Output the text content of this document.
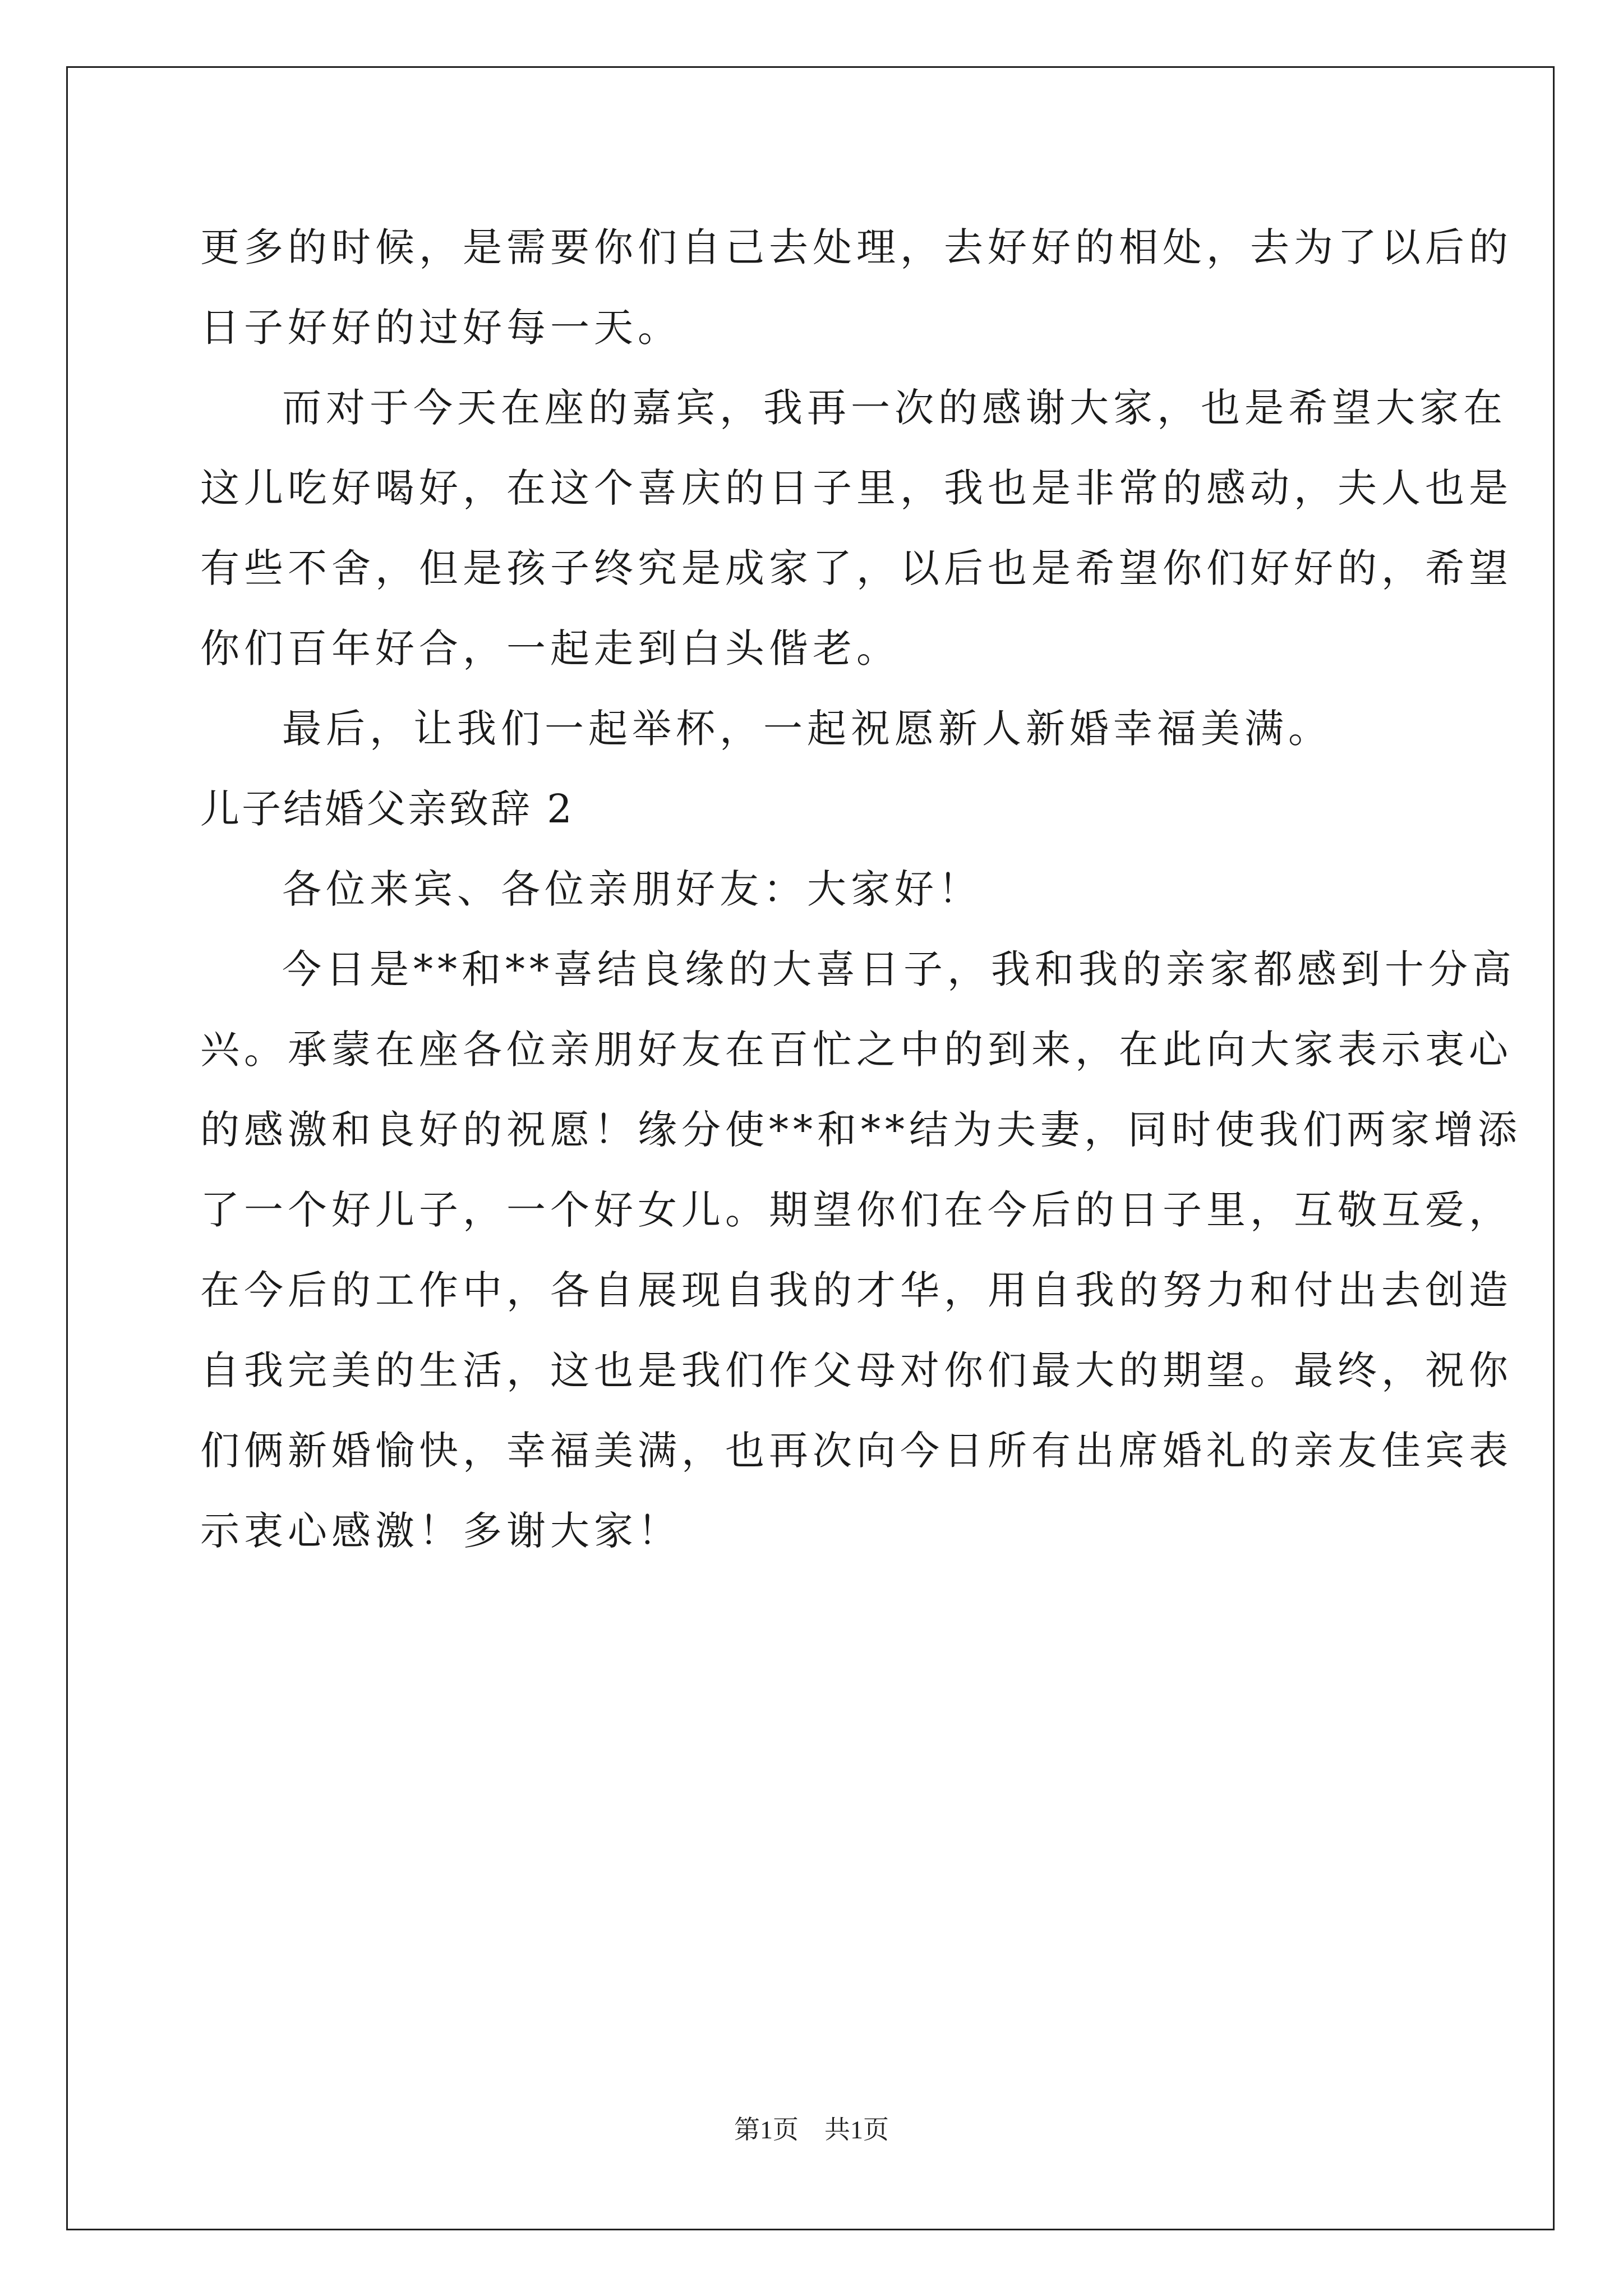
更多的时候，是需要你们自己去处理，去好好的相处，去为了以后的
日子好好的过好每一天。
而对于今天在座的嘉宾，我再一次的感谢大家，也是希望大家在
这儿吃好喝好，在这个喜庆的日子里，我也是非常的感动，夫人也是
有些不舍，但是孩子终究是成家了，以后也是希望你们好好的，希望
你们百年好合，一起走到白头偕老。
最后，让我们一起举杯，一起祝愿新人新婚幸福美满。
儿子结婚父亲致辞 2
各位来宾、各位亲朋好友：大家好！
今日是**和**喜结良缘的大喜日子，我和我的亲家都感到十分高
兴。承蒙在座各位亲朋好友在百忙之中的到来，在此向大家表示衷心
的感激和良好的祝愿！缘分使**和**结为夫妻，同时使我们两家增添
了一个好儿子，一个好女儿。期望你们在今后的日子里，互敬互爱，
在今后的工作中，各自展现自我的才华，用自我的努力和付出去创造
自我完美的生活，这也是我们作父母对你们最大的期望。最终，祝你
们俩新婚愉快，幸福美满，也再次向今日所有出席婚礼的亲友佳宾表
示衷心感激！多谢大家！
第1页 共1页
